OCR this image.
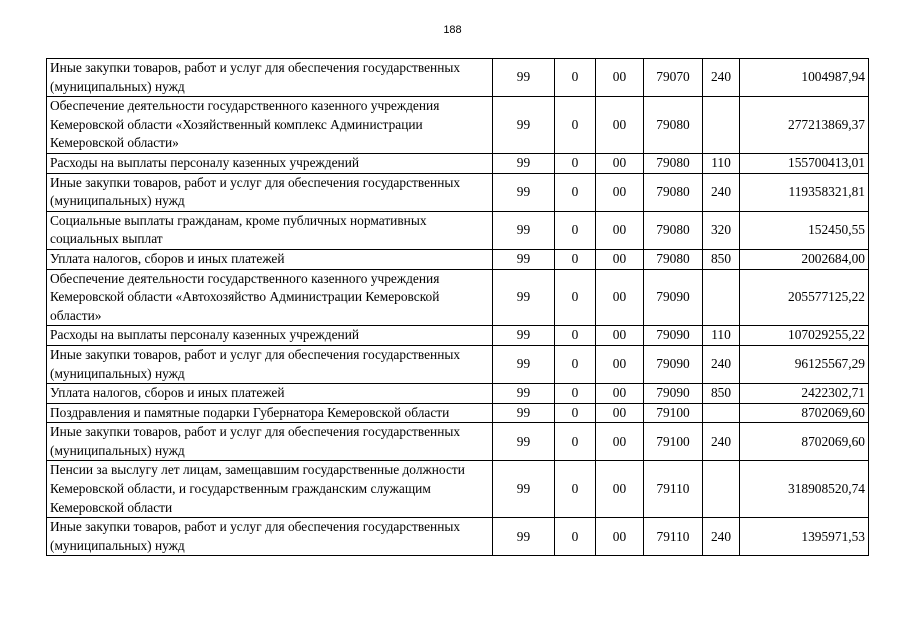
188
Иные закупки товаров, работ и услуг для обеспечения государственных (муниципальных) нужд	99	0	00	79070	240	1004987,94
Обеспечение деятельности государственного казенного учреждения Кемеровской области «Хозяйственный комплекс Администрации Кемеровской области»	99	0	00	79080		277213869,37
Расходы на выплаты персоналу казенных учреждений	99	0	00	79080	110	155700413,01
Иные закупки товаров, работ и услуг для обеспечения государственных (муниципальных) нужд	99	0	00	79080	240	119358321,81
Социальные выплаты гражданам, кроме публичных нормативных социальных выплат	99	0	00	79080	320	152450,55
Уплата налогов, сборов и иных платежей	99	0	00	79080	850	2002684,00
Обеспечение деятельности государственного казенного учреждения Кемеровской области «Автохозяйство Администрации Кемеровской области»	99	0	00	79090		205577125,22
Расходы на выплаты персоналу казенных учреждений	99	0	00	79090	110	107029255,22
Иные закупки товаров, работ и услуг для обеспечения государственных (муниципальных) нужд	99	0	00	79090	240	96125567,29
Уплата налогов, сборов и иных платежей	99	0	00	79090	850	2422302,71
Поздравления и памятные подарки Губернатора Кемеровской области	99	0	00	79100		8702069,60
Иные закупки товаров, работ и услуг для обеспечения государственных (муниципальных) нужд	99	0	00	79100	240	8702069,60
Пенсии за выслугу лет лицам, замещавшим государственные должности Кемеровской области, и государственным гражданским служащим Кемеровской области	99	0	00	79110		318908520,74
Иные закупки товаров, работ и услуг для обеспечения государственных (муниципальных) нужд	99	0	00	79110	240	1395971,53
